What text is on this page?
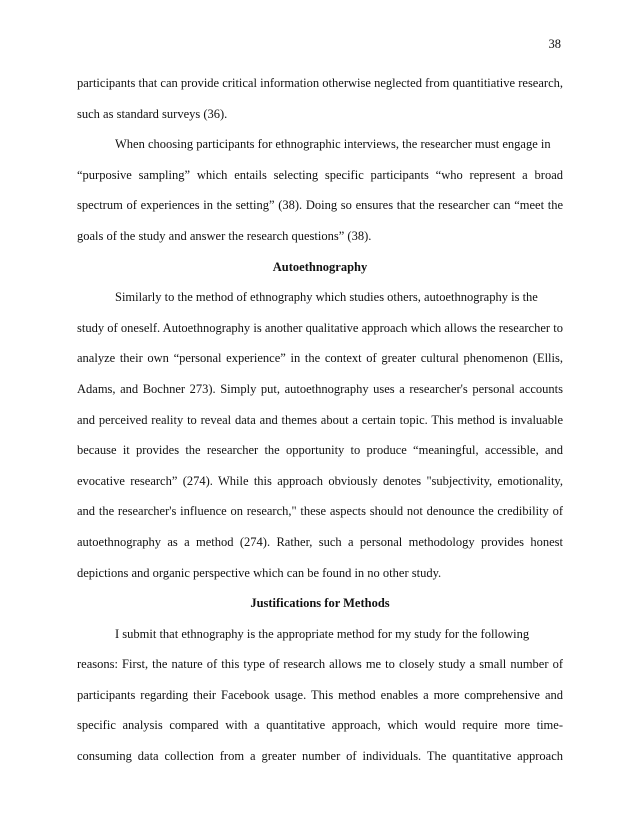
38
participants that can provide critical information otherwise neglected from quantitiative research,
such as standard surveys (36).
When choosing participants for ethnographic interviews, the researcher must engage in
“purposive sampling” which entails selecting specific participants “who represent a broad
spectrum of experiences in the setting” (38). Doing so ensures that the researcher can “meet the
goals of the study and answer the research questions” (38).
Autoethnography
Similarly to the method of ethnography which studies others, autoethnography is the
study of oneself. Autoethnography is another qualitative approach which allows the researcher to
analyze their own “personal experience” in the context of greater cultural phenomenon (Ellis,
Adams, and Bochner 273). Simply put, autoethnography uses a researcher's personal accounts
and perceived reality to reveal data and themes about a certain topic. This method is invaluable
because it provides the researcher the opportunity to produce “meaningful, accessible, and
evocative research” (274). While this approach obviously denotes "subjectivity, emotionality,
and the researcher's influence on research," these aspects should not denounce the credibility of
autoethnography as a method (274). Rather, such a personal methodology provides honest
depictions and organic perspective which can be found in no other study.
Justifications for Methods
I submit that ethnography is the appropriate method for my study for the following
reasons: First, the nature of this type of research allows me to closely study a small number of
participants regarding their Facebook usage. This method enables a more comprehensive and
specific analysis compared with a quantitative approach, which would require more time-
consuming data collection from a greater number of individuals. The quantitative approach
